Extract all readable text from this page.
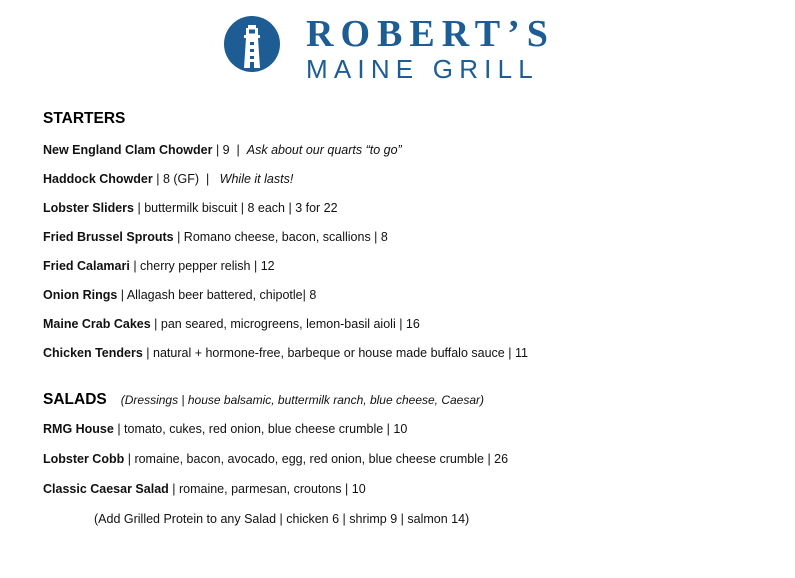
ROBERT’S
MAINE GRILL
STARTERS

New England Clam Chowder | 9  |  Ask about our quarts “to go”

Haddock Chowder | 8 (GF)  |   While it lasts!

Lobster Sliders | buttermilk biscuit | 8 each | 3 for 22

Fried Brussel Sprouts | Romano cheese, bacon, scallions | 8

Fried Calamari | cherry pepper relish | 12

Onion Rings | Allagash beer battered, chipotle| 8

Maine Crab Cakes | pan seared, microgreens, lemon-basil aioli | 16

Chicken Tenders | natural + hormone-free, barbeque or house made buffalo sauce | 11

SALADS (Dressings | house balsamic, buttermilk ranch, blue cheese, Caesar)

RMG House | tomato, cukes, red onion, blue cheese crumble | 10

Lobster Cobb | romaine, bacon, avocado, egg, red onion, blue cheese crumble | 26

Classic Caesar Salad | romaine, parmesan, croutons | 10

(Add Grilled Protein to any Salad | chicken 6 | shrimp 9 | salmon 14)
